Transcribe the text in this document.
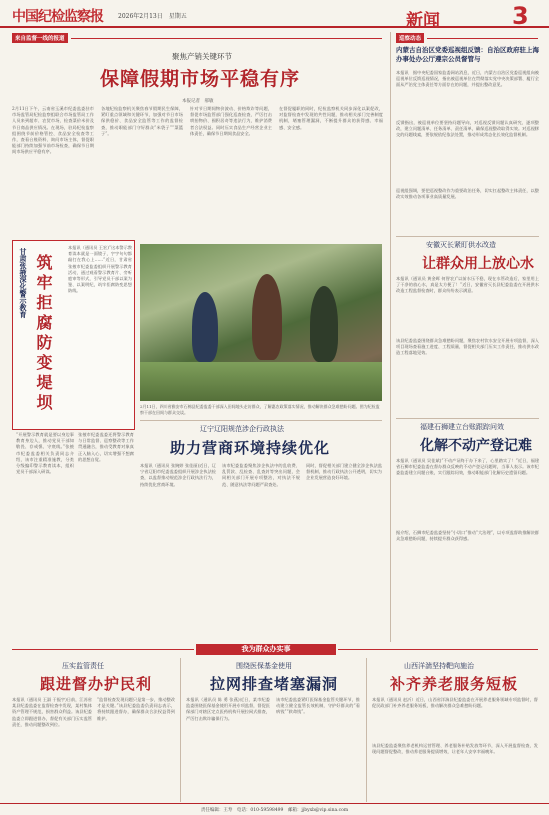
中国纪检监察报	2026年2月13日　星期五	新闻	3
来自监督一线的报道
聚焦产销关键环节
保障假期市场平稳有序
本报记者　郝敏
2月11日下午，云南省玉溪市纪委监委驻市市场监管局纪检监察组联合市场监管局工作人员来到超市、农贸市场，检查菜价米价及节日商品供应情况。在现场，驻局纪检监察组围绕节前价格管控、食品安全检查等工作，查看台账资料、询问市场主体，督促职能部门持续加强节前市场检查，确保节日期间市场供应平稳有序。
各地纪检监察机关聚焦春节假期民生保障，紧盯重点领域和关键环节，加强对节日市场保供稳价、食品安全监管等工作的监督检查，推动职能部门守好群众“米袋子”“菜篮子”。
针对节日期间物价波动、价格欺诈等问题，督促市场监管部门强化巡查检查，严厉打击哄抬物价、囤积居奇等违法行为，维护消费者合法权益。同时压实食品生产经营企业主体责任，确保节日期间食品安全。
在督促履职的同时，纪检监察机关同步深化以案促改，对监督检查中发现的共性问题，推动相关部门完善制度机制，堵塞管理漏洞，不断提升群众的获得感、幸福感、安全感。
甘肃张掖深化警示教育 筑牢拒腐防变堤坝
本报讯（通讯员 王宏)“这本警示教育读本就是一面镜子，字字句句都敲打在我心上……”近日，甘肃省张掖市纪委监委组织开展警示教育活动，通过观看警示教育片、旁听庭审等形式，引导党员干部以案为鉴、以案明纪，筑牢拒腐防变思想防线。
“开展警示教育就是要以身边事教育身边人，推动党员干部知敬畏、存戒惧、守底线。”张掖市纪委监委相关负责同志介绍，该市注重精准施教，分类分级编印警示教育读本，组织党员干部深入研读。
张掖市纪委监委还将警示教育与日常监督、巡察整改等工作贯通融合，推动受教育对象真正入脑入心，切实增强不想腐的思想自觉。
2月11日，四川省雅安市石棉县纪委监委干部深入田间地头走访群众，了解惠农政策落实情况，推动解决群众急难愁盼问题。图为纪检监察干部在田间与群众交谈。
辽宁辽阳规范涉企行政执法
助力营商环境持续优化
本报讯（通讯员 张婉婷 张佳丽)近日，辽宁省辽阳市纪委监委组织开展涉企执法检查，以监督推动规范涉企行政执法行为，持续优化营商环境。
该市纪委监委聚焦涉企执法中的乱收费、乱罚款、乱检查、乱查封等突出问题，会同相关部门开展专项整治，对执法不规范、随意执法等问题严肃查处。
同时，督促相关部门建立健全涉企执法监督机制，推动行政执法公开透明，切实为企业发展营造良好环境。
巡察动态
内蒙古自治区党委巡视组反馈：自治区政府驻上海办事处办公厅遵宗公员督管与
本报讯　据中央纪委国家监委网站消息，近日，内蒙古自治区党委巡视组向被巡视单位反馈巡视情况，指出被巡视单位在贯彻落实党中央决策部署、履行全面从严治党主体责任等方面存在的问题，并提出整改意见。
反馈指出，被巡视单位要坚持问题导向，对巡视反馈问题认真研究、逐项整改，建立问题清单、任务清单、责任清单，确保巡视整改取得实效。对巡视移交的问题线索，要依规依纪依法处置，推动形成常态化长效化监督机制。
巡视组强调，要把巡视整改作为重要政治任务，切实扛起整改主体责任，以整改实效推动各项事业高质量发展。
安徽灭长紧盯供水改造
让群众用上放心水
本报讯（通讯员 黄金晖 何智农)“以前水压不稳，现在水管改造后，家里用上了干净的放心水，真是太方便了！”近日，安徽省灭长县纪委监委在开展供水改造工程监督检查时，群众纷纷表示满意。
该县纪委监委围绕群众急难愁盼问题，聚焦农村饮水安全开展专项监督，深入项目现场查看施工进度、工程质量，督促相关部门压实工作责任，推动供水改造工程落地见效。
福建石狮建立台账跟踪问效
化解不动产登记难
本报讯（通讯员 吴佳斌)“不动产证终于办下来了，心里踏实了！”近日，福建省石狮市纪委监委在督办群众反映的不动产登记问题时，当事人表示。该市纪委监委建立问题台账，实行跟踪问效，推动职能部门化解历史遗留问题。
据介绍，石狮市纪委监委坚持“小切口”推动“大治理”，以专项监督助推解决群众急难愁盼问题，持续提升群众获得感。
我为群众办实事
压实监管责任
跟进督办护民利
本报讯（通讯员 王淑 于振宇)日前，江苏省某县纪委监委在监督检查中发现，某村集体资产管理不规范，损害群众利益。该县纪委监委立即跟进督办，督促有关部门压实监管责任，推动问题整改到位。
“监督检查发现问题只是第一步，推动整改才是关键。”该县纪委监委负责同志表示，将持续跟进督办，确保群众合法权益得到维护。
围绕医保基金使用
拉网排查堵塞漏洞
本报讯（通讯员 陈 勇 张燕)近日，某市纪委监委围绕医保基金使用开展专项监督，督促医保部门对辖区定点医药机构开展拉网式排查，严厉打击欺诈骗保行为。
该市纪委监委紧盯医保基金监管关键环节，推动建立健全监管长效机制，守护好群众的“看病钱”“救命钱”。
山西洋湍坚持靶向施治
补齐养老服务短板
本报讯（通讯员 赵沂）近日，山西省洋湍县纪委监委在开展养老服务领域专项监督时，督促民政部门补齐养老服务短板，推动解决群众急难愁盼问题。
该县纪委监委聚焦养老机构运营管理、养老服务补贴发放等环节，深入开展监督检查，发现问题督促整改，推动养老服务提质增效，让老年人安享幸福晚年。
责任编辑：王寿　电话：010-59598499　邮箱：jjbyxb@vip.sina.com
